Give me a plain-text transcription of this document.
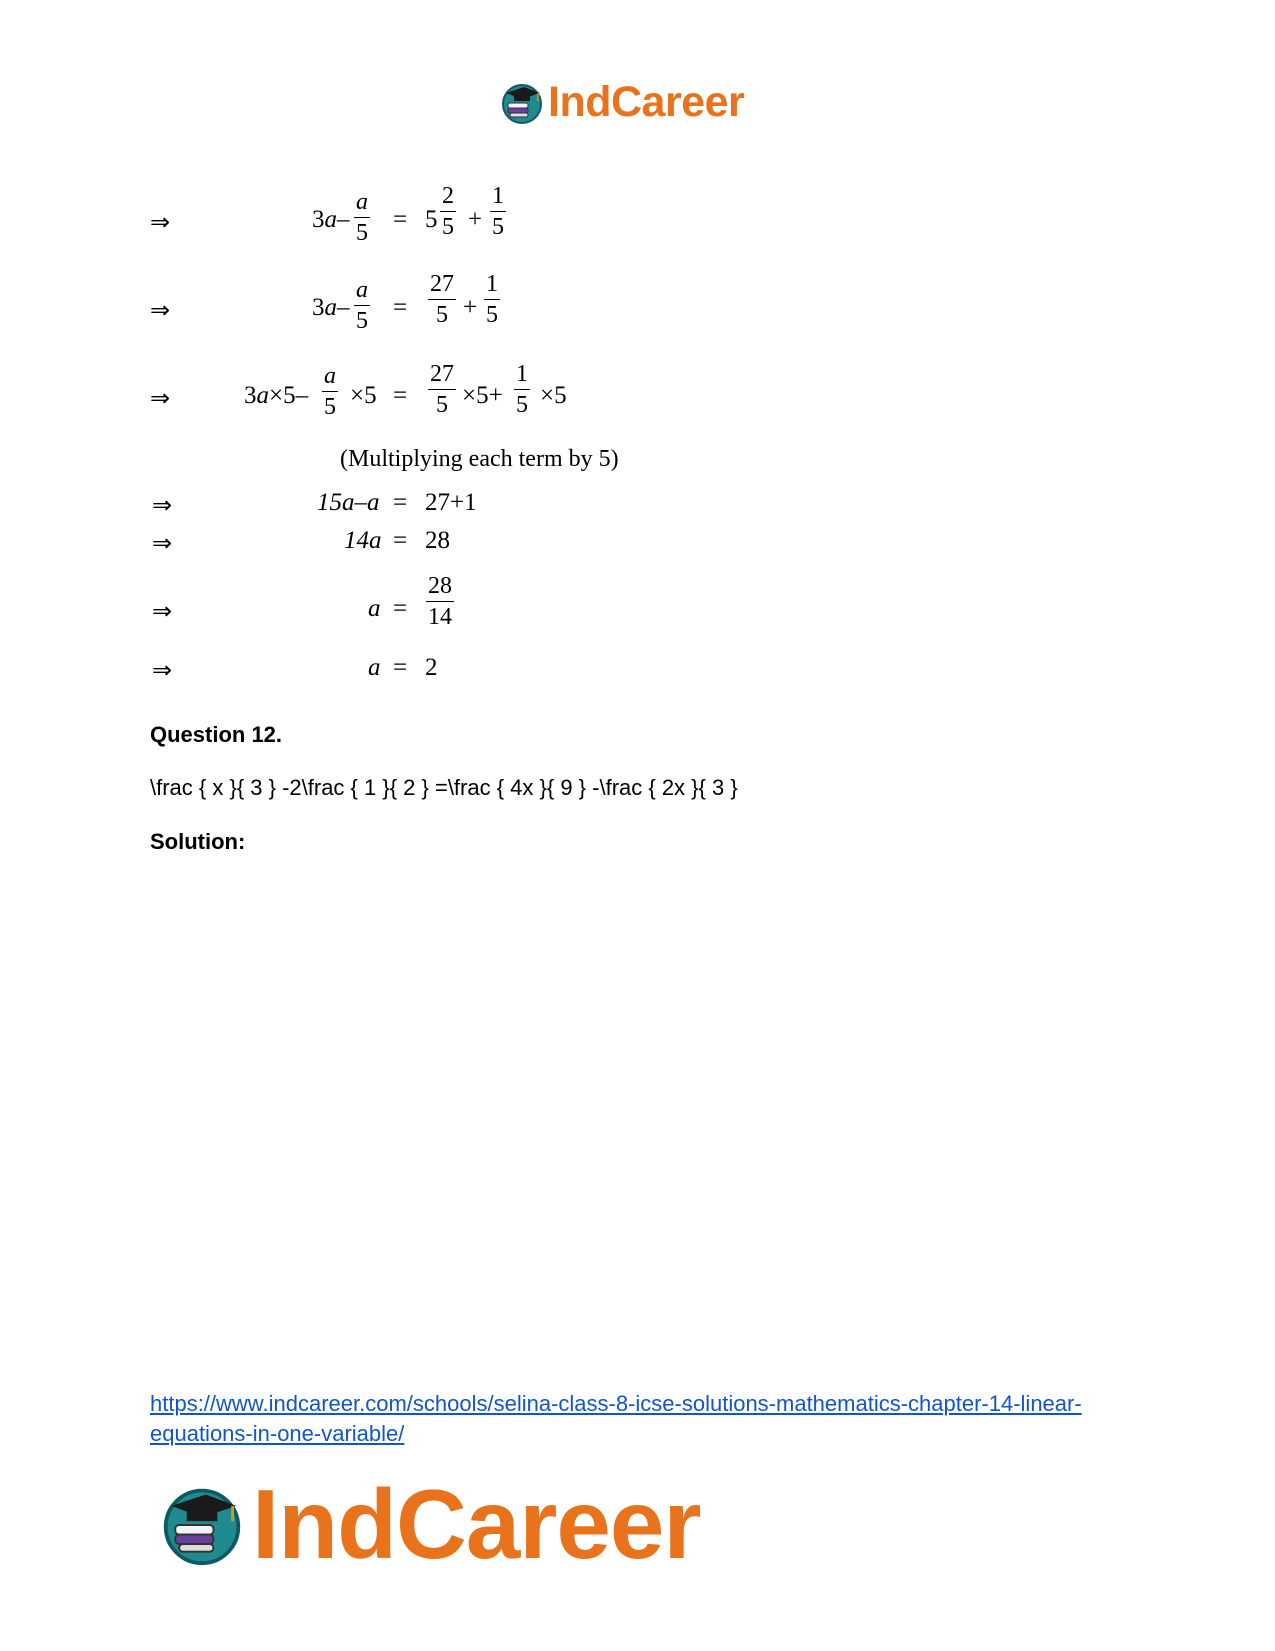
IndCareer
⇒	$3a- \frac{a}{5} = 5 \frac{2}{5} + \frac{1}{5}$
⇒	$3a- \frac{a}{5} = \frac{27}{5} + \frac{1}{5}$
⇒	$3a\times 5- \frac{a}{5} \times 5 = \frac{27}{5} \times 5+ \frac{1}{5} \times 5$
(Multiplying each term by 5)
⇒	15a–a = 27+1
⇒	14a = 28
⇒	$a = \frac{28}{14}$
⇒	a = 2
Question 12.
\frac { x }{ 3 } -2\frac { 1 }{ 2 } =\frac { 4x }{ 9 } -\frac { 2x }{ 3 }
Solution:
https://www.indcareer.com/schools/selina-class-8-icse-solutions-mathematics-chapter-14-linear-equations-in-one-variable/
IndCareer
